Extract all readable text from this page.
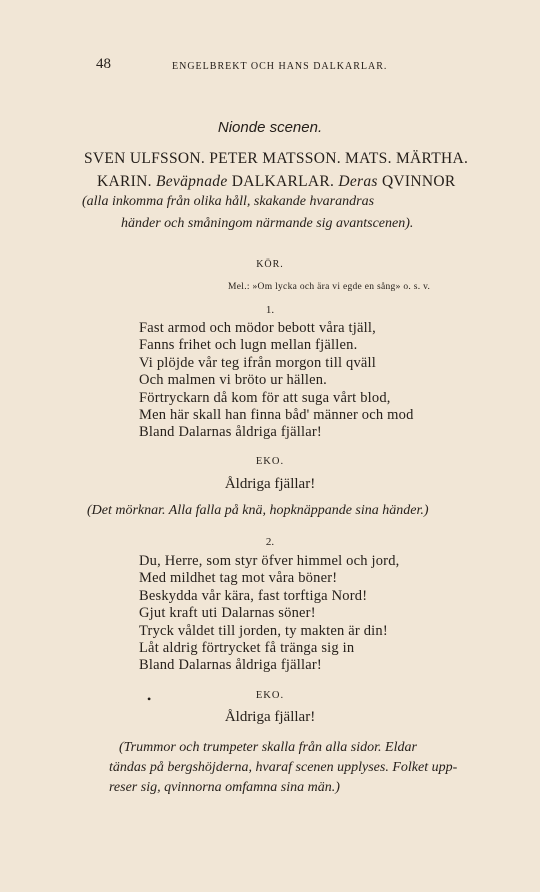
48	ENGELBREKT OCH HANS DALKARLAR.
Nionde scenen.
SVEN ULFSSON. PETER MATSSON. MATS. MÄRTHA.
KARIN. Beväpnade DALKARLAR. Deras QVINNOR
(alla inkomma från olika håll, skakande hvarandras
händer och småningom närmande sig avantscenen).
KÖR.
Mel.: »Om lycka och ära vi egde en sång» o. s. v.
1.
Fast armod och mödor bebott våra tjäll,
Fanns frihet och lugn mellan fjällen.
Vi plöjde vår teg ifrån morgon till qväll
Och malmen vi bröto ur hällen.
Förtryckarn då kom för att suga vårt blod,
Men här skall han finna båd' männer och mod
Bland Dalarnas åldriga fjällar!
EKO.
Åldriga fjällar!
(Det mörknar. Alla falla på knä, hopknäppande sina händer.)
2.
Du, Herre, som styr öfver himmel och jord,
Med mildhet tag mot våra böner!
Beskydda vår kära, fast torftiga Nord!
Gjut kraft uti Dalarnas söner!
Tryck våldet till jorden, ty makten är din!
Låt aldrig förtrycket få tränga sig in
Bland Dalarnas åldriga fjällar!
•	EKO.
Åldriga fjällar!
(Trummor och trumpeter skalla från alla sidor. Eldar
tändas på bergshöjderna, hvaraf scenen upplyses. Folket upp-
reser sig, qvinnorna omfamna sina män.)
